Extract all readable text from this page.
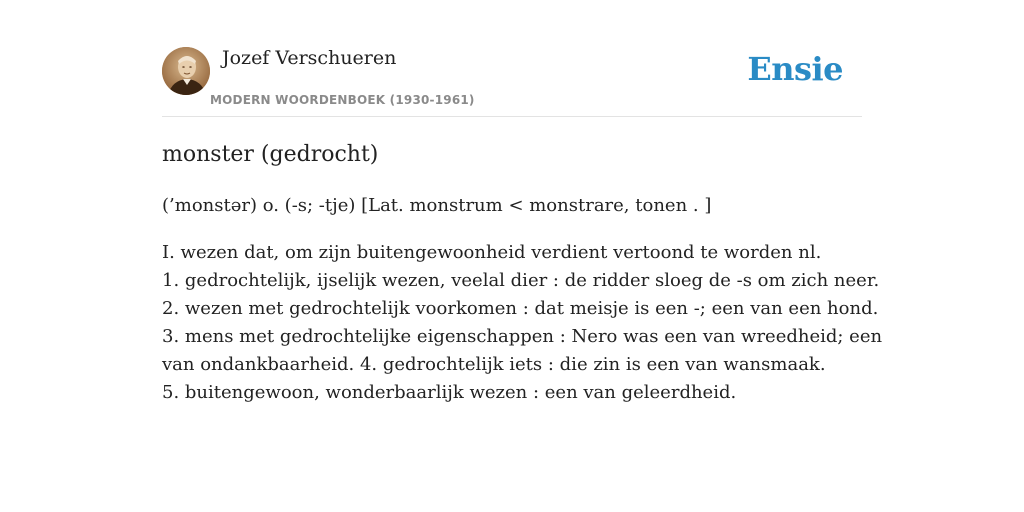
Jozef Verschueren
MODERN WOORDENBOEK (1930-1961)
Ensie
monster (gedrocht)
(’monstər) o. (-s; -tje) [Lat. monstrum < monstrare, tonen . ]
I. wezen dat, om zijn buitengewoonheid verdient vertoond te worden nl.
1. gedrochtelijk, ijselijk wezen, veelal dier : de ridder sloeg de -s om zich neer.
2. wezen met gedrochtelijk voorkomen : dat meisje is een -; een van een hond.
3. mens met gedrochtelijke eigenschappen : Nero was een van wreedheid; een
van ondankbaarheid. 4. gedrochtelijk iets : die zin is een van wansmaak.
5. buitengewoon, wonderbaarlijk wezen : een van geleerdheid.
